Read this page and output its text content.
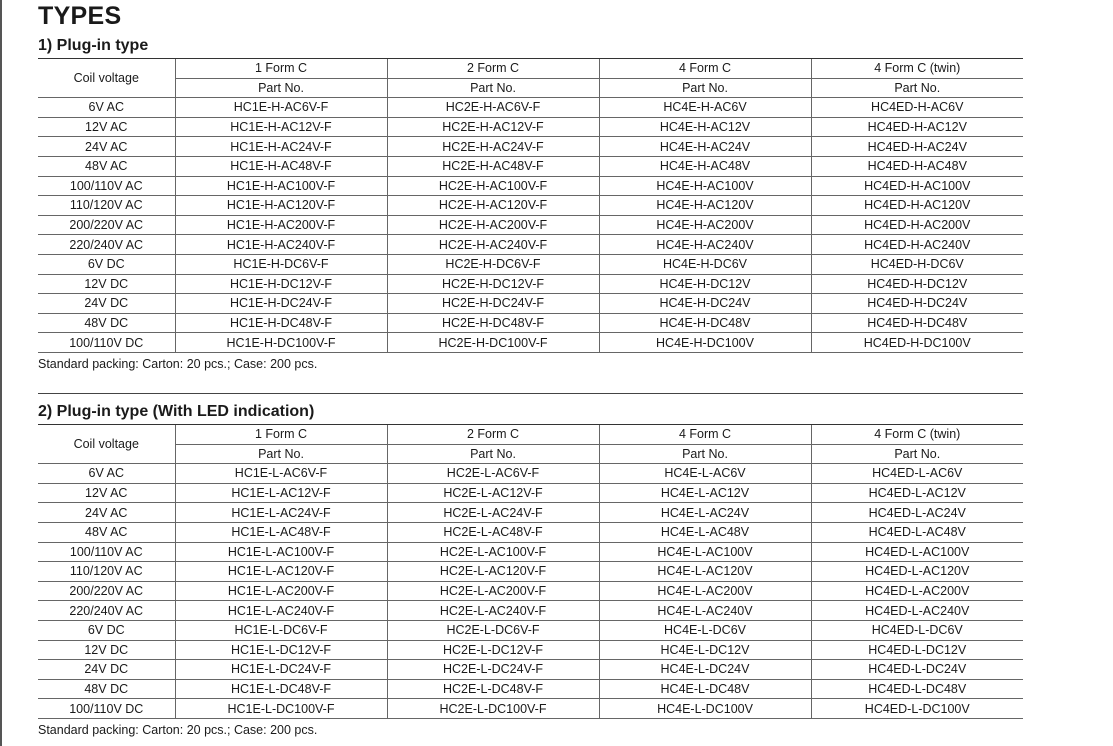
TYPES
1) Plug-in type
Coil voltage	1 Form C	2 Form C	4 Form C	4 Form C (twin)
	Part No.	Part No.	Part No.	Part No.
6V AC	HC1E-H-AC6V-F	HC2E-H-AC6V-F	HC4E-H-AC6V	HC4ED-H-AC6V
12V AC	HC1E-H-AC12V-F	HC2E-H-AC12V-F	HC4E-H-AC12V	HC4ED-H-AC12V
24V AC	HC1E-H-AC24V-F	HC2E-H-AC24V-F	HC4E-H-AC24V	HC4ED-H-AC24V
48V AC	HC1E-H-AC48V-F	HC2E-H-AC48V-F	HC4E-H-AC48V	HC4ED-H-AC48V
100/110V AC	HC1E-H-AC100V-F	HC2E-H-AC100V-F	HC4E-H-AC100V	HC4ED-H-AC100V
110/120V AC	HC1E-H-AC120V-F	HC2E-H-AC120V-F	HC4E-H-AC120V	HC4ED-H-AC120V
200/220V AC	HC1E-H-AC200V-F	HC2E-H-AC200V-F	HC4E-H-AC200V	HC4ED-H-AC200V
220/240V AC	HC1E-H-AC240V-F	HC2E-H-AC240V-F	HC4E-H-AC240V	HC4ED-H-AC240V
6V DC	HC1E-H-DC6V-F	HC2E-H-DC6V-F	HC4E-H-DC6V	HC4ED-H-DC6V
12V DC	HC1E-H-DC12V-F	HC2E-H-DC12V-F	HC4E-H-DC12V	HC4ED-H-DC12V
24V DC	HC1E-H-DC24V-F	HC2E-H-DC24V-F	HC4E-H-DC24V	HC4ED-H-DC24V
48V DC	HC1E-H-DC48V-F	HC2E-H-DC48V-F	HC4E-H-DC48V	HC4ED-H-DC48V
100/110V DC	HC1E-H-DC100V-F	HC2E-H-DC100V-F	HC4E-H-DC100V	HC4ED-H-DC100V
Standard packing: Carton: 20 pcs.; Case: 200 pcs.
2) Plug-in type (With LED indication)
Coil voltage	1 Form C	2 Form C	4 Form C	4 Form C (twin)
	Part No.	Part No.	Part No.	Part No.
6V AC	HC1E-L-AC6V-F	HC2E-L-AC6V-F	HC4E-L-AC6V	HC4ED-L-AC6V
12V AC	HC1E-L-AC12V-F	HC2E-L-AC12V-F	HC4E-L-AC12V	HC4ED-L-AC12V
24V AC	HC1E-L-AC24V-F	HC2E-L-AC24V-F	HC4E-L-AC24V	HC4ED-L-AC24V
48V AC	HC1E-L-AC48V-F	HC2E-L-AC48V-F	HC4E-L-AC48V	HC4ED-L-AC48V
100/110V AC	HC1E-L-AC100V-F	HC2E-L-AC100V-F	HC4E-L-AC100V	HC4ED-L-AC100V
110/120V AC	HC1E-L-AC120V-F	HC2E-L-AC120V-F	HC4E-L-AC120V	HC4ED-L-AC120V
200/220V AC	HC1E-L-AC200V-F	HC2E-L-AC200V-F	HC4E-L-AC200V	HC4ED-L-AC200V
220/240V AC	HC1E-L-AC240V-F	HC2E-L-AC240V-F	HC4E-L-AC240V	HC4ED-L-AC240V
6V DC	HC1E-L-DC6V-F	HC2E-L-DC6V-F	HC4E-L-DC6V	HC4ED-L-DC6V
12V DC	HC1E-L-DC12V-F	HC2E-L-DC12V-F	HC4E-L-DC12V	HC4ED-L-DC12V
24V DC	HC1E-L-DC24V-F	HC2E-L-DC24V-F	HC4E-L-DC24V	HC4ED-L-DC24V
48V DC	HC1E-L-DC48V-F	HC2E-L-DC48V-F	HC4E-L-DC48V	HC4ED-L-DC48V
100/110V DC	HC1E-L-DC100V-F	HC2E-L-DC100V-F	HC4E-L-DC100V	HC4ED-L-DC100V
Standard packing: Carton: 20 pcs.; Case: 200 pcs.
